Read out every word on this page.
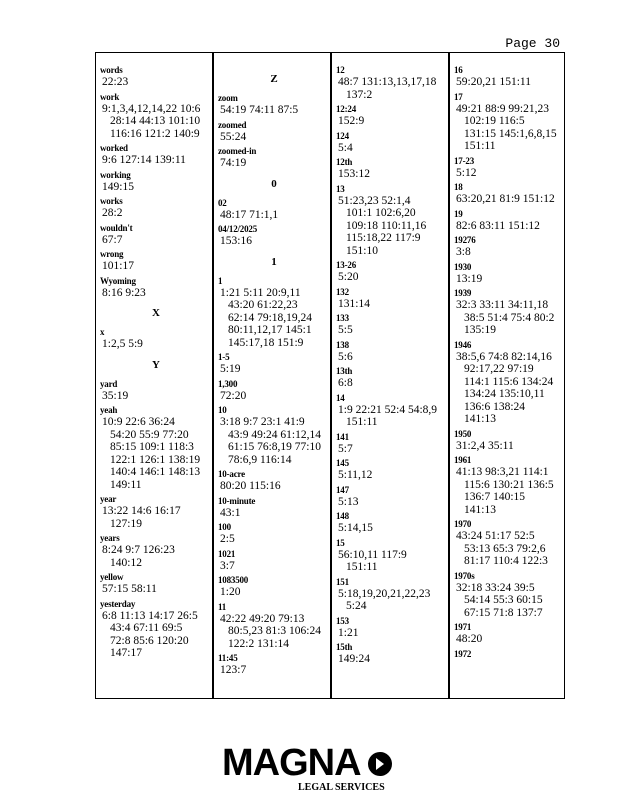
Page 30
words
22:23
work
9:1,3,4,12,14,22 10:6
28:14 44:13 101:10
116:16 121:2 140:9
worked
9:6 127:14 139:11
working
149:15
works
28:2
wouldn't
67:7
wrong
101:17
Wyoming
8:16 9:23
X
x
1:2,5 5:9
Y
yard
35:19
yeah
10:9 22:6 36:24
54:20 55:9 77:20
85:15 109:1 118:3
122:1 126:1 138:19
140:4 146:1 148:13
149:11
year
13:22 14:6 16:17
127:19
years
8:24 9:7 126:23
140:12
yellow
57:15 58:11
yesterday
6:8 11:13 14:17 26:5
43:4 67:11 69:5
72:8 85:6 120:20
147:17
Z
zoom
54:19 74:11 87:5
zoomed
55:24
zoomed-in
74:19
0
02
48:17 71:1,1
04/12/2025
153:16
1
1
1:21 5:11 20:9,11
43:20 61:22,23
62:14 79:18,19,24
80:11,12,17 145:1
145:17,18 151:9
1-5
5:19
1,300
72:20
10
3:18 9:7 23:1 41:9
43:9 49:24 61:12,14
61:15 76:8,19 77:10
78:6,9 116:14
10-acre
80:20 115:16
10-minute
43:1
100
2:5
1021
3:7
1083500
1:20
11
42:22 49:20 79:13
80:5,23 81:3 106:24
122:2 131:14
11:45
123:7
12
48:7 131:13,13,17,18
137:2
12:24
152:9
124
5:4
12th
153:12
13
51:23,23 52:1,4
101:1 102:6,20
109:18 110:11,16
115:18,22 117:9
151:10
13-26
5:20
132
131:14
133
5:5
138
5:6
13th
6:8
14
1:9 22:21 52:4 54:8,9
151:11
141
5:7
145
5:11,12
147
5:13
148
5:14,15
15
56:10,11 117:9
151:11
151
5:18,19,20,21,22,23
5:24
153
1:21
15th
149:24
16
59:20,21 151:11
17
49:21 88:9 99:21,23
102:19 116:5
131:15 145:1,6,8,15
151:11
17-23
5:12
18
63:20,21 81:9 151:12
19
82:6 83:11 151:12
19276
3:8
1930
13:19
1939
32:3 33:11 34:11,18
38:5 51:4 75:4 80:2
135:19
1946
38:5,6 74:8 82:14,16
92:17,22 97:19
114:1 115:6 134:24
134:24 135:10,11
136:6 138:24
141:13
1950
31:2,4 35:11
1961
41:13 98:3,21 114:1
115:6 130:21 136:5
136:7 140:15
141:13
1970
43:24 51:17 52:5
53:13 65:3 79:2,6
81:17 110:4 122:3
1970s
32:18 33:24 39:5
54:14 55:3 60:15
67:15 71:8 137:7
1971
48:20
1972
MAGNA
LEGAL SERVICES
